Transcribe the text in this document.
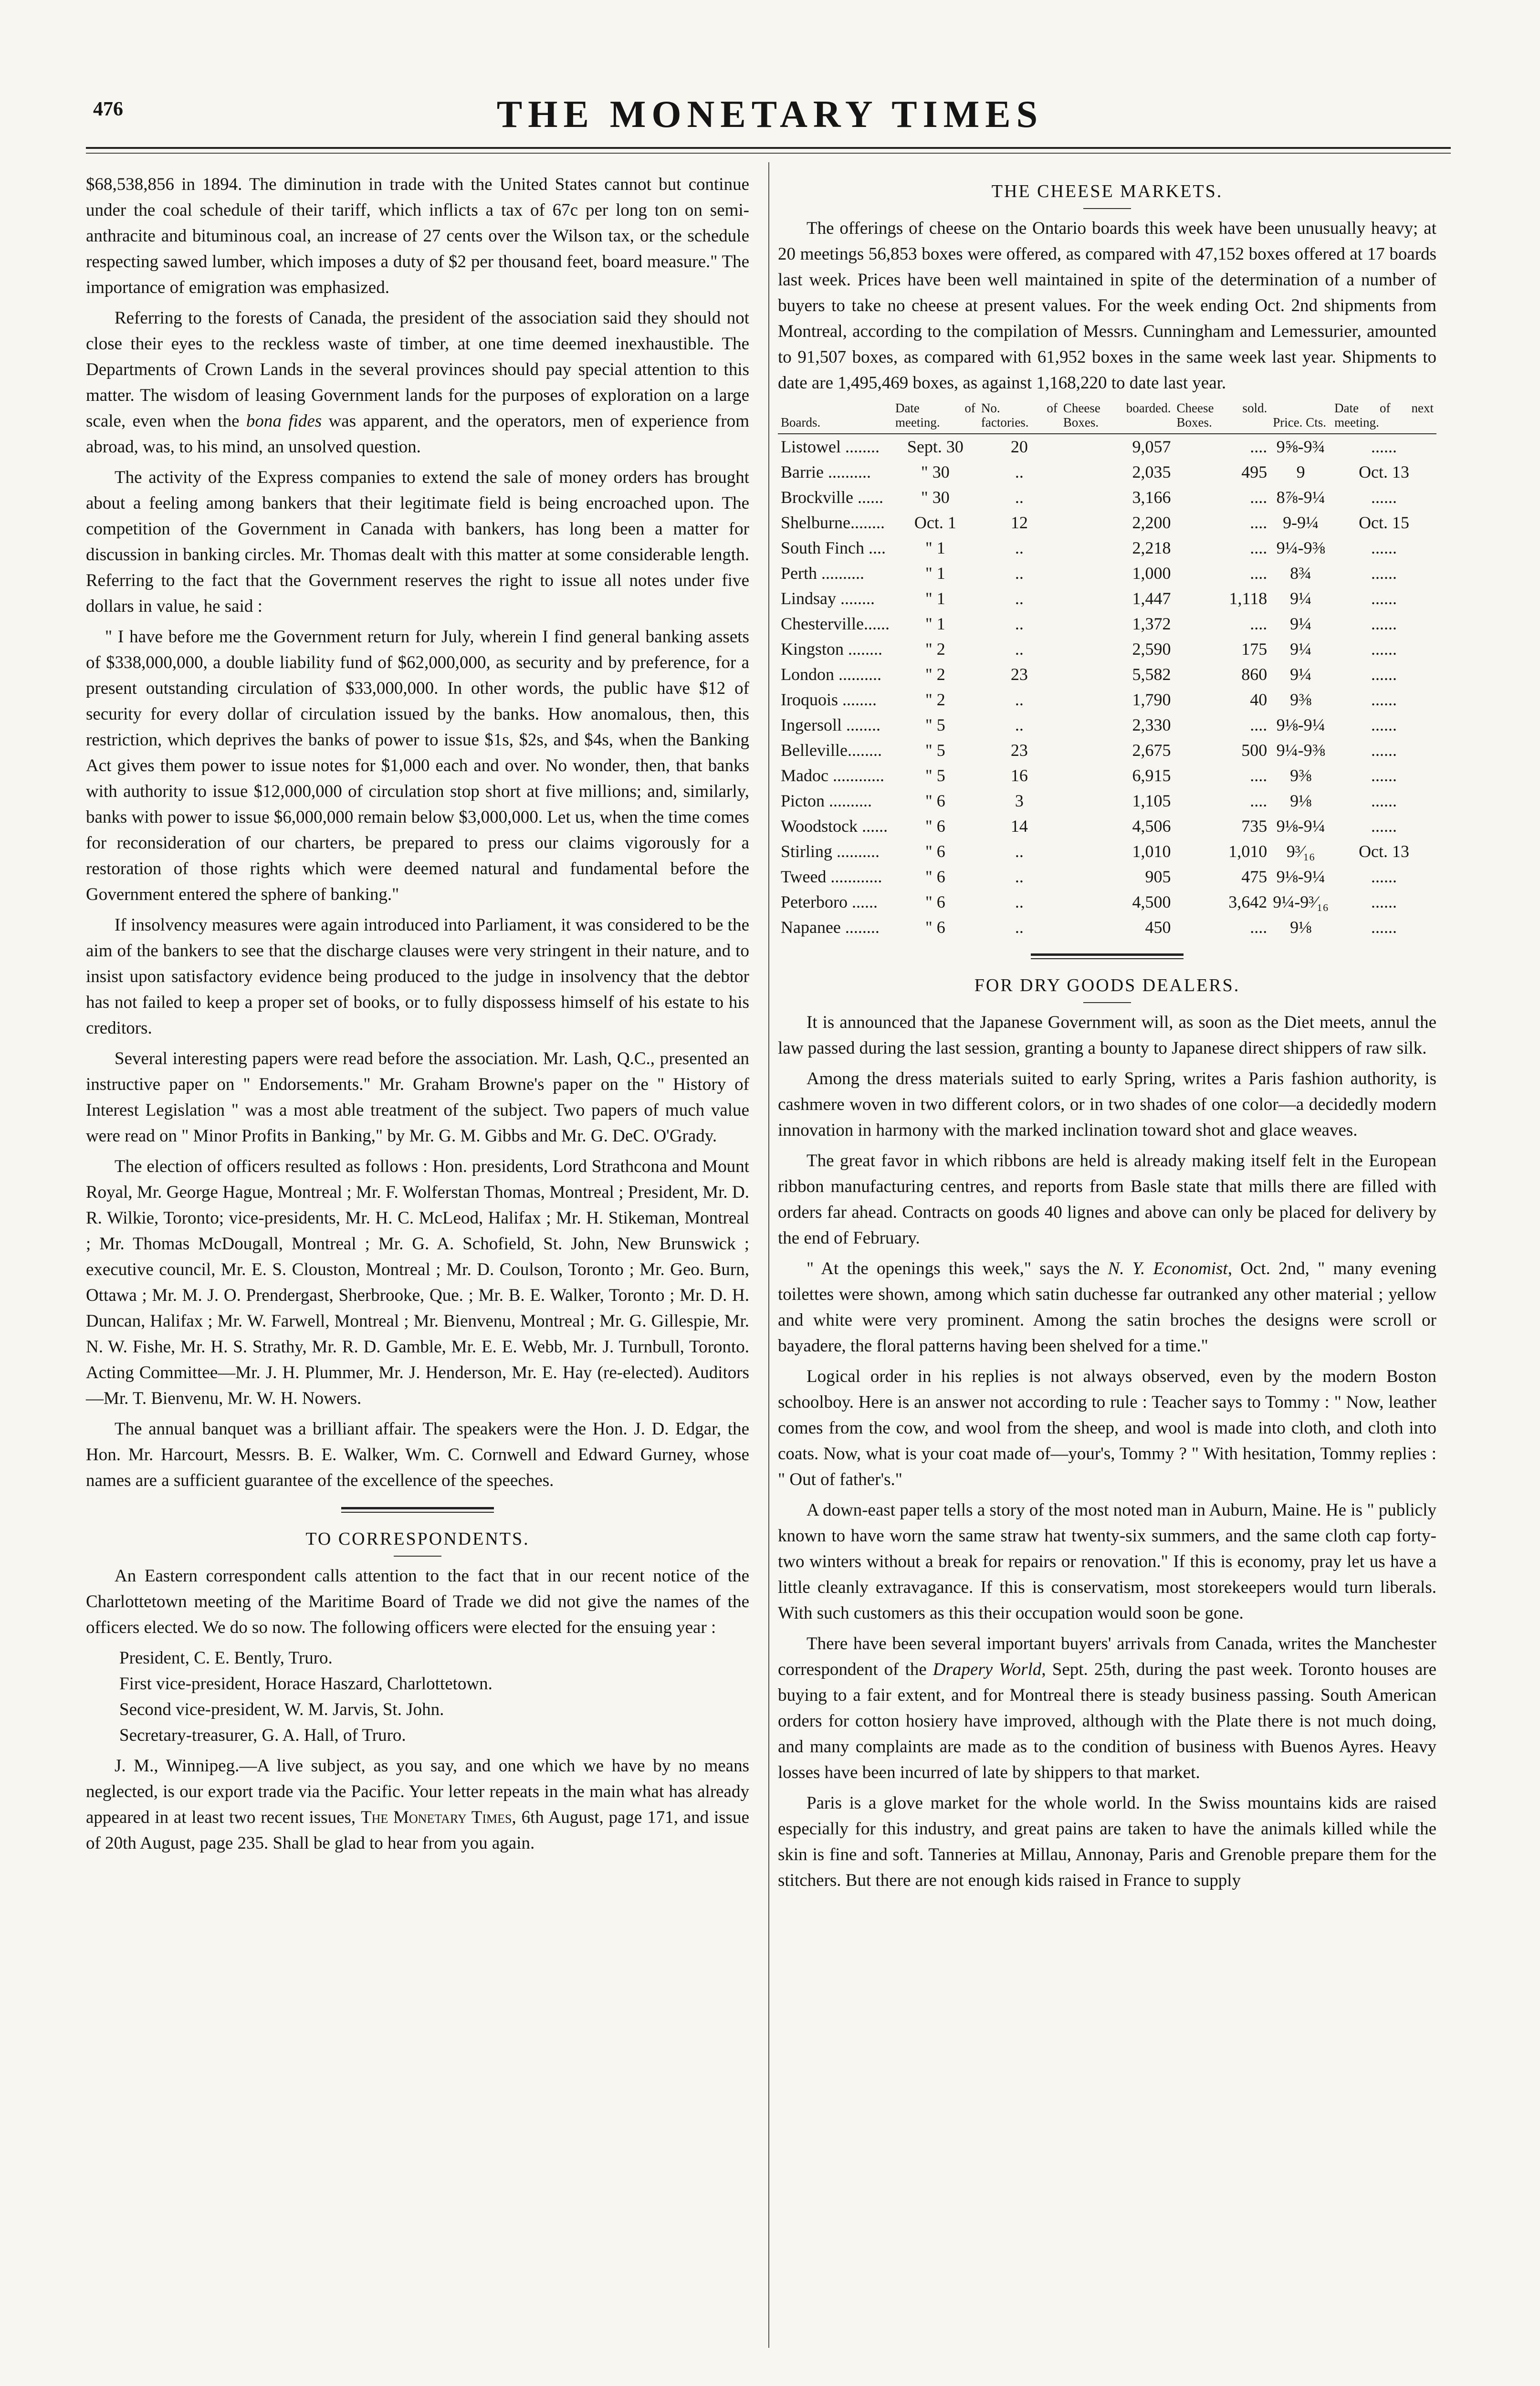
476	THE MONETARY TIMES

$68,538,856 in 1894. The diminution in trade with the United States cannot but continue under the coal schedule of their tariff, which inflicts a tax of 67c per long ton on semi-anthracite and bituminous coal, an increase of 27 cents over the Wilson tax, or the schedule respecting sawed lumber, which imposes a duty of $2 per thousand feet, board measure." The importance of emigration was emphasized.

Referring to the forests of Canada, the president of the association said they should not close their eyes to the reckless waste of timber, at one time deemed inexhaustible. The Departments of Crown Lands in the several provinces should pay special attention to this matter. The wisdom of leasing Government lands for the purposes of exploration on a large scale, even when the bona fides was apparent, and the operators, men of experience from abroad, was, to his mind, an unsolved question.

The activity of the Express companies to extend the sale of money orders has brought about a feeling among bankers that their legitimate field is being encroached upon. The competition of the Government in Canada with bankers, has long been a matter for discussion in banking circles. Mr. Thomas dealt with this matter at some considerable length. Referring to the fact that the Government reserves the right to issue all notes under five dollars in value, he said :

" I have before me the Government return for July, wherein I find general banking assets of $338,000,000, a double liability fund of $62,000,000, as security and by preference, for a present outstanding circulation of $33,000,000. In other words, the public have $12 of security for every dollar of circulation issued by the banks. How anomalous, then, this restriction, which deprives the banks of power to issue $1s, $2s, and $4s, when the Banking Act gives them power to issue notes for $1,000 each and over. No wonder, then, that banks with authority to issue $12,000,000 of circulation stop short at five millions; and, similarly, banks with power to issue $6,000,000 remain below $3,000,000. Let us, when the time comes for reconsideration of our charters, be prepared to press our claims vigorously for a restoration of those rights which were deemed natural and fundamental before the Government entered the sphere of banking."

If insolvency measures were again introduced into Parliament, it was considered to be the aim of the bankers to see that the discharge clauses were very stringent in their nature, and to insist upon satisfactory evidence being produced to the judge in insolvency that the debtor has not failed to keep a proper set of books, or to fully dispossess himself of his estate to his creditors.

Several interesting papers were read before the association. Mr. Lash, Q.C., presented an instructive paper on " Endorsements." Mr. Graham Browne's paper on the " History of Interest Legislation " was a most able treatment of the subject. Two papers of much value were read on " Minor Profits in Banking," by Mr. G. M. Gibbs and Mr. G. DeC. O'Grady.

The election of officers resulted as follows : Hon. presidents, Lord Strathcona and Mount Royal, Mr. George Hague, Montreal ; Mr. F. Wolferstan Thomas, Montreal ; President, Mr. D. R. Wilkie, Toronto; vice-presidents, Mr. H. C. McLeod, Halifax ; Mr. H. Stikeman, Montreal ; Mr. Thomas McDougall, Montreal ; Mr. G. A. Schofield, St. John, New Brunswick ; executive council, Mr. E. S. Clouston, Montreal ; Mr. D. Coulson, Toronto ; Mr. Geo. Burn, Ottawa ; Mr. M. J. O. Prendergast, Sherbrooke, Que. ; Mr. B. E. Walker, Toronto ; Mr. D. H. Duncan, Halifax ; Mr. W. Farwell, Montreal ; Mr. Bienvenu, Montreal ; Mr. G. Gillespie, Mr. N. W. Fishe, Mr. H. S. Strathy, Mr. R. D. Gamble, Mr. E. E. Webb, Mr. J. Turnbull, Toronto. Acting Committee—Mr. J. H. Plummer, Mr. J. Henderson, Mr. E. Hay (re-elected). Auditors—Mr. T. Bienvenu, Mr. W. H. Nowers.

The annual banquet was a brilliant affair. The speakers were the Hon. J. D. Edgar, the Hon. Mr. Harcourt, Messrs. B. E. Walker, Wm. C. Cornwell and Edward Gurney, whose names are a sufficient guarantee of the excellence of the speeches.

TO CORRESPONDENTS.

An Eastern correspondent calls attention to the fact that in our recent notice of the Charlottetown meeting of the Maritime Board of Trade we did not give the names of the officers elected. We do so now. The following officers were elected for the ensuing year :

President, C. E. Bently, Truro.
First vice-president, Horace Haszard, Charlottetown.
Second vice-president, W. M. Jarvis, St. John.
Secretary-treasurer, G. A. Hall, of Truro.

J. M., Winnipeg.—A live subject, as you say, and one which we have by no means neglected, is our export trade via the Pacific. Your letter repeats in the main what has already appeared in at least two recent issues, The Monetary Times, 6th August, page 171, and issue of 20th August, page 235. Shall be glad to hear from you again.

THE CHEESE MARKETS.

The offerings of cheese on the Ontario boards this week have been unusually heavy; at 20 meetings 56,853 boxes were offered, as compared with 47,152 boxes offered at 17 boards last week. Prices have been well maintained in spite of the determination of a number of buyers to take no cheese at present values. For the week ending Oct. 2nd shipments from Montreal, according to the compilation of Messrs. Cunningham and Lemessurier, amounted to 91,507 boxes, as compared with 61,952 boxes in the same week last year. Shipments to date are 1,495,469 boxes, as against 1,168,220 to date last year.

Boards.	Date of meeting.	No. of factories.	Cheese boarded. Boxes.	Cheese sold. Boxes.	Price. Cts.	Date of next meeting.

Listowel ........	Sept. 30	20	9,057	....	9⅝-9¾	......
Barrie ..........	" 30	..	2,035	495	9	Oct. 13
Brockville ......	" 30	..	3,166	....	8⅞-9¼	......
Shelburne........	Oct. 1	12	2,200	....	9-9¼	Oct. 15
South Finch ....	" 1	..	2,218	....	9¼-9⅜	......
Perth ..........	" 1	..	1,000	....	8¾	......
Lindsay ........	" 1	..	1,447	1,118	9¼	......
Chesterville......	" 1	..	1,372	....	9¼	......
Kingston ........	" 2	..	2,590	175	9¼	......
London ..........	" 2	23	5,582	860	9¼	......
Iroquois ........	" 2	..	1,790	40	9⅜	......
Ingersoll ........	" 5	..	2,330	....	9⅛-9¼	......
Belleville........	" 5	23	2,675	500	9¼-9⅜	......
Madoc ............	" 5	16	6,915	....	9⅜	......
Picton ..........	" 6	3	1,105	....	9⅛	......
Woodstock ......	" 6	14	4,506	735	9⅛-9¼	......
Stirling ..........	" 6	..	1,010	1,010	9³⁄₁₆	Oct. 13
Tweed ............	" 6	..	905	475	9⅛-9¼	......
Peterboro ......	" 6	..	4,500	3,642	9¼-9³⁄₁₆	......
Napanee ........	" 6	..	450	....	9⅛	......
FOR DRY GOODS DEALERS.

It is announced that the Japanese Government will, as soon as the Diet meets, annul the law passed during the last session, granting a bounty to Japanese direct shippers of raw silk.

Among the dress materials suited to early Spring, writes a Paris fashion authority, is cashmere woven in two different colors, or in two shades of one color—a decidedly modern innovation in harmony with the marked inclination toward shot and glace weaves.

The great favor in which ribbons are held is already making itself felt in the European ribbon manufacturing centres, and reports from Basle state that mills there are filled with orders far ahead. Contracts on goods 40 lignes and above can only be placed for delivery by the end of February.

" At the openings this week," says the N. Y. Economist, Oct. 2nd, " many evening toilettes were shown, among which satin duchesse far outranked any other material ; yellow and white were very prominent. Among the satin broches the designs were scroll or bayadere, the floral patterns having been shelved for a time."

Logical order in his replies is not always observed, even by the modern Boston schoolboy. Here is an answer not according to rule : Teacher says to Tommy : " Now, leather comes from the cow, and wool from the sheep, and wool is made into cloth, and cloth into coats. Now, what is your coat made of—your's, Tommy ? " With hesitation, Tommy replies : " Out of father's."

A down-east paper tells a story of the most noted man in Auburn, Maine. He is " publicly known to have worn the same straw hat twenty-six summers, and the same cloth cap forty-two winters without a break for repairs or renovation." If this is economy, pray let us have a little cleanly extravagance. If this is conservatism, most storekeepers would turn liberals. With such customers as this their occupation would soon be gone.

There have been several important buyers' arrivals from Canada, writes the Manchester correspondent of the Drapery World, Sept. 25th, during the past week. Toronto houses are buying to a fair extent, and for Montreal there is steady business passing. South American orders for cotton hosiery have improved, although with the Plate there is not much doing, and many complaints are made as to the condition of business with Buenos Ayres. Heavy losses have been incurred of late by shippers to that market.

Paris is a glove market for the whole world. In the Swiss mountains kids are raised especially for this industry, and great pains are taken to have the animals killed while the skin is fine and soft. Tanneries at Millau, Annonay, Paris and Grenoble prepare them for the stitchers. But there are not enough kids raised in France to supply
